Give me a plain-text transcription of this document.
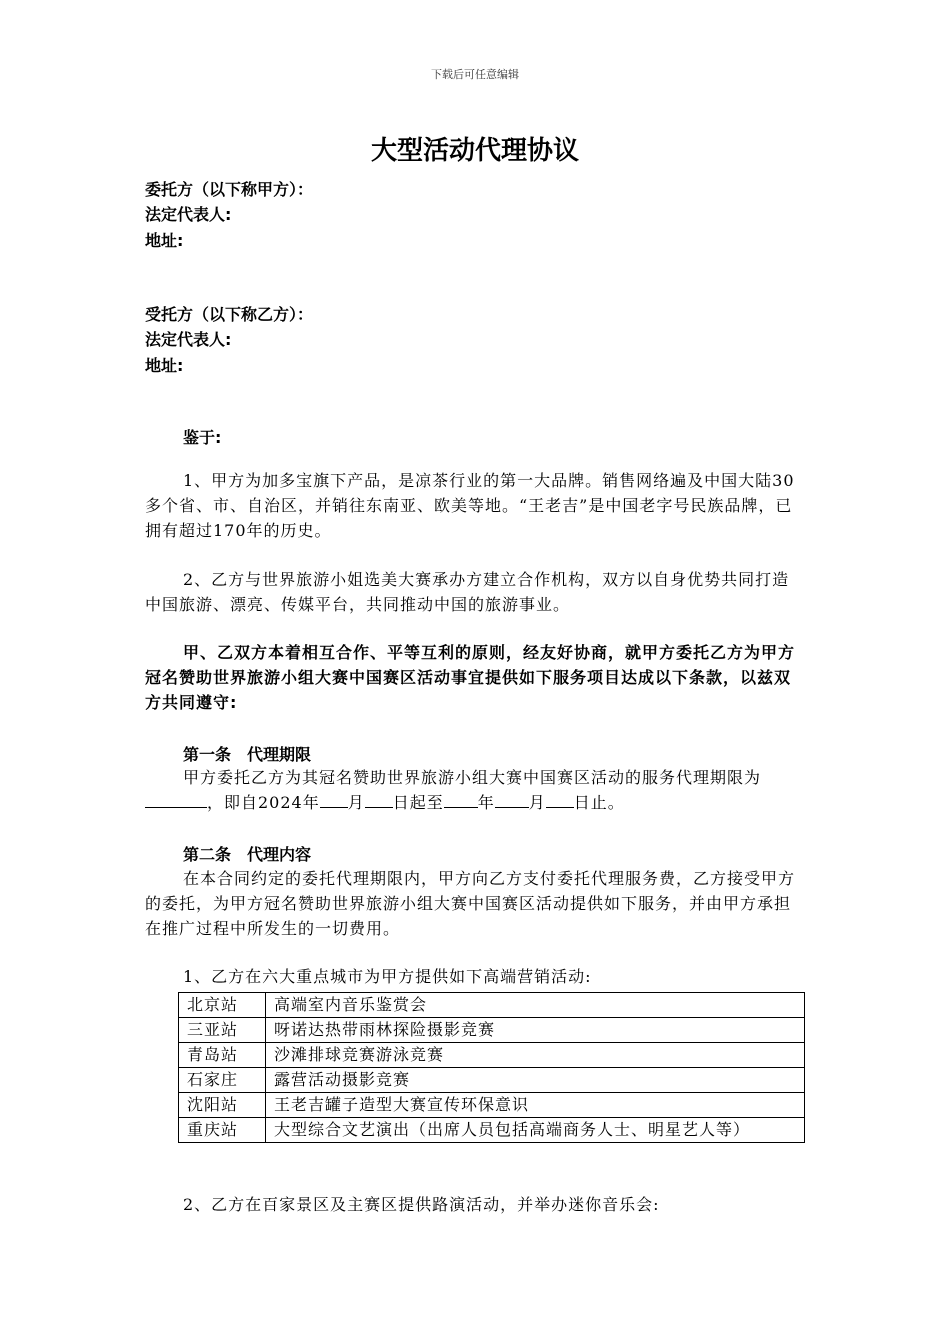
下载后可任意编辑
大型活动代理协议
委托方（以下称甲方）：
法定代表人:
地址:
受托方（以下称乙方）：
法定代表人:
地址:
鉴于:
1、甲方为加多宝旗下产品，是凉茶行业的第一大品牌。销售网络遍及中国大陆30多个省、市、自治区，并销往东南亚、欧美等地。“王老吉”是中国老字号民族品牌，已拥有超过170年的历史。
2、乙方与世界旅游小姐选美大赛承办方建立合作机构，双方以自身优势共同打造中国旅游、漂亮、传媒平台，共同推动中国的旅游事业。
甲、乙双方本着相互合作、平等互利的原则，经友好协商，就甲方委托乙方为甲方冠名赞助世界旅游小组大赛中国赛区活动事宜提供如下服务项目达成以下条款，以兹双方共同遵守:
第一条　代理期限
甲方委托乙方为其冠名赞助世界旅游小组大赛中国赛区活动的服务代理期限为，即自2024年 月 日起至 年 月 日止。
第二条　代理内容
在本合同约定的委托代理期限内，甲方向乙方支付委托代理服务费，乙方接受甲方的委托，为甲方冠名赞助世界旅游小组大赛中国赛区活动提供如下服务，并由甲方承担在推广过程中所发生的一切费用。
1、乙方在六大重点城市为甲方提供如下高端营销活动:
北京站	高端室内音乐鉴赏会
三亚站	呀诺达热带雨林探险摄影竞赛
青岛站	沙滩排球竞赛游泳竞赛
石家庄	露营活动摄影竞赛
沈阳站	王老吉罐子造型大赛宣传环保意识
重庆站	大型综合文艺演出（出席人员包括高端商务人士、明星艺人等）
2、乙方在百家景区及主赛区提供路演活动，并举办迷你音乐会:
